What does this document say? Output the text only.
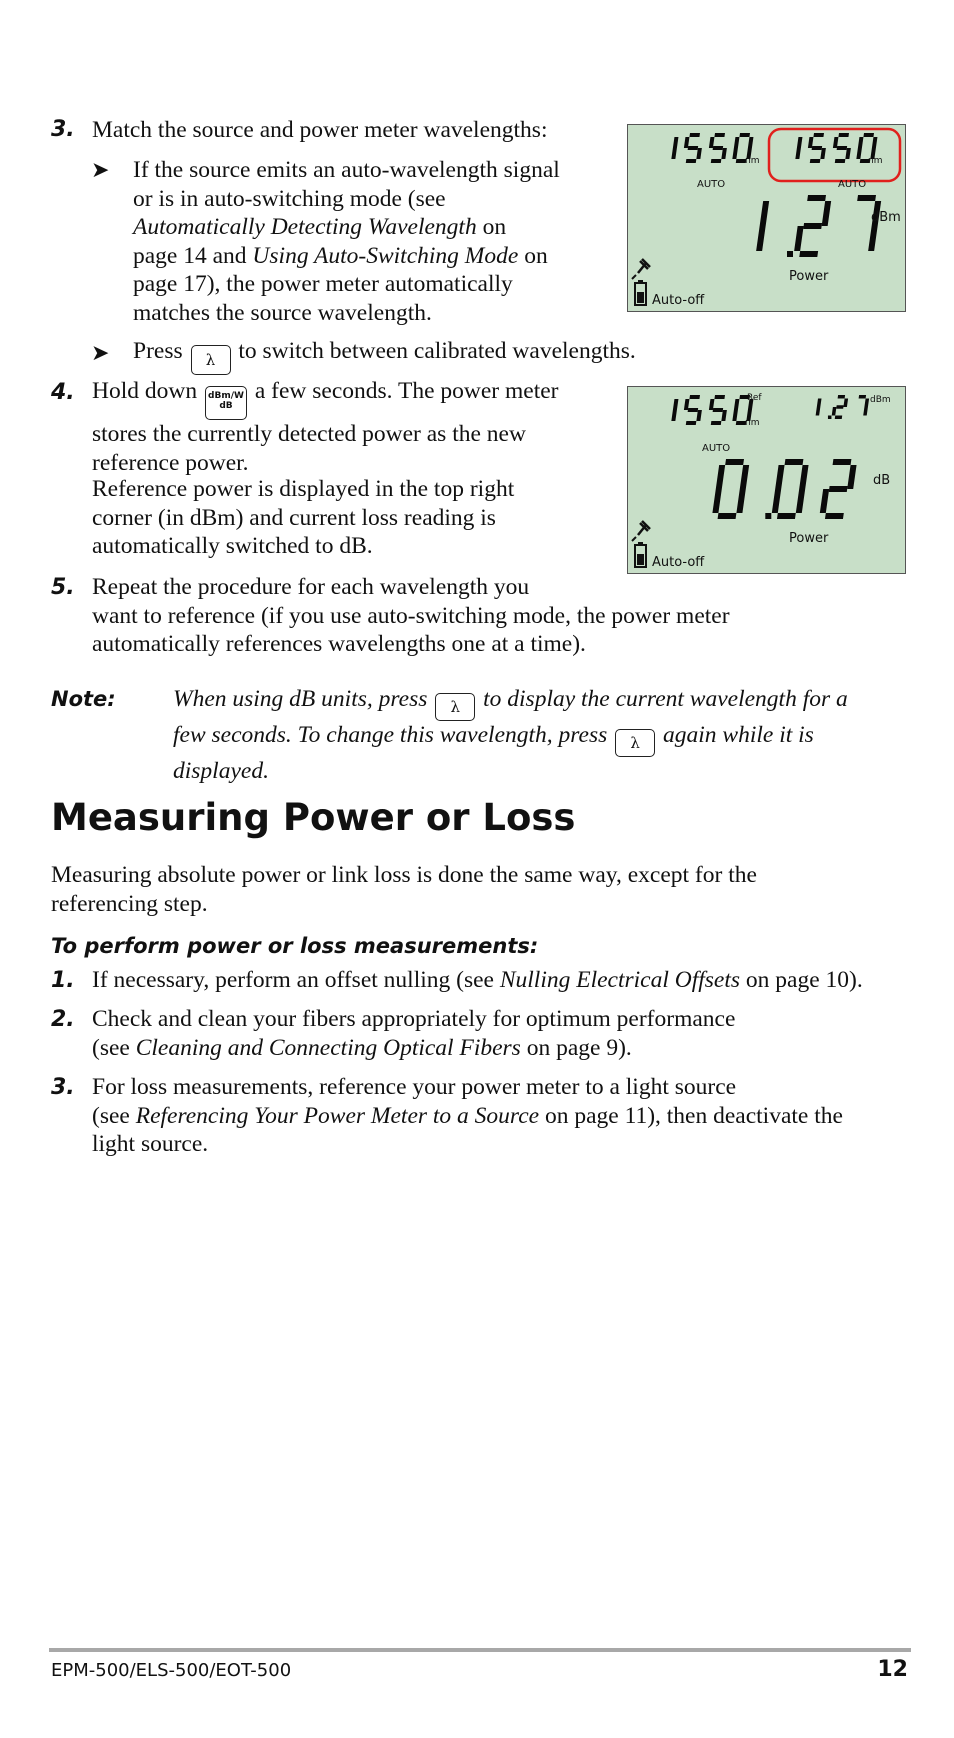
3. Match the source and power meter wavelengths:
➤ If the source emits an auto-wavelength signal
or is in auto-switching mode (see
Automatically Detecting Wavelength on
page 14 and Using Auto-Switching Mode on
page 17), the power meter automatically
matches the source wavelength.
➤ Press λ to switch between calibrated wavelengths.
nm
AUTO
nm
AUTO
dBm
Power
Auto-off
4. Hold down dBm/W
dB a few seconds. The power meter
stores the currently detected power as the new
reference power.
Reference power is displayed in the top right
corner (in dBm) and current loss reading is
automatically switched to dB.
Ref
nm
AUTO
dBm
dB
Power
Auto-off
5. Repeat the procedure for each wavelength you
want to reference (if you use auto-switching mode, the power meter
automatically references wavelengths one at a time).
Note: When using dB units, press λ to display the current wavelength for a
few seconds. To change this wavelength, press λ again while it is
displayed.
Measuring Power or Loss
Measuring absolute power or link loss is done the same way, except for the
referencing step.
To perform power or loss measurements:
1. If necessary, perform an offset nulling (see Nulling Electrical Offsets on page 10).
2. Check and clean your fibers appropriately for optimum performance
(see Cleaning and Connecting Optical Fibers on page 9).
3. For loss measurements, reference your power meter to a light source
(see Referencing Your Power Meter to a Source on page 11), then deactivate the
light source.
EPM-500/ELS-500/EOT-500	12
